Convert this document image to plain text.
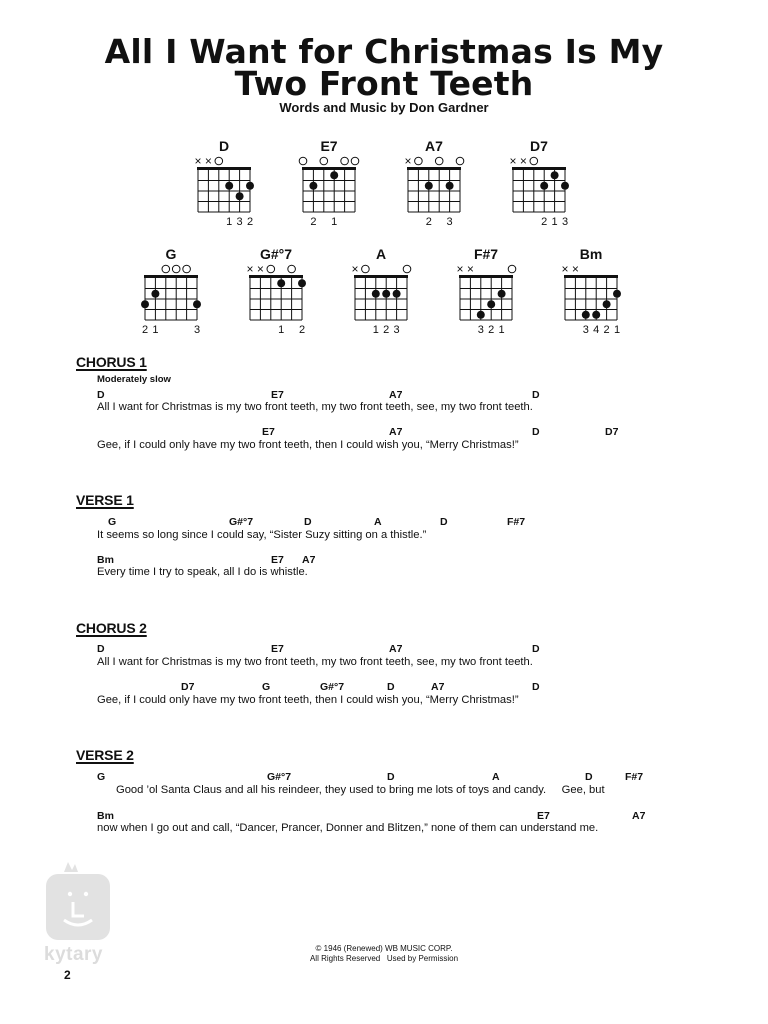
All I Want for Christmas Is My
Two Front Teeth
Words and Music by Don Gardner
D
× ×
1 3 2
E7
2 1
A7
×
2 3
D7
× ×
2 1 3
G
2 1	3
G#°7
× ×
1 2
A
×
1 2 3
F#7
× ×
3 2 1
Bm
× ×
3 4 2 1
CHORUS 1
Moderately slow
D	E7	A7	D
All I want for Christmas is my two front teeth, my two front teeth, see, my two front teeth.
E7	A7	D	D7
Gee, if I could only have my two front teeth, then I could wish you, “Merry Christmas!”
VERSE 1
G	G#°7	D	A	D	F#7
It seems so long since I could say, “Sister Suzy sitting on a thistle.”
Bm	E7 A7
Every time I try to speak, all I do is whistle.
CHORUS 2
D	E7	A7	D
All I want for Christmas is my two front teeth, my two front teeth, see, my two front teeth.
D7	G	G#°7	D	A7	D
Gee, if I could only have my two front teeth, then I could wish you, “Merry Christmas!”
VERSE 2
G	G#°7	D	A	D	F#7
Good ’ol Santa Claus and all his reindeer, they used to bring me lots of toys and candy.     Gee, but
Bm	E7	A7
now when I go out and call, “Dancer, Prancer, Donner and Blitzen,” none of them can understand me.
kytary	© 1946 (Renewed) WB MUSIC CORP.
All Rights Reserved   Used by Permission
2
